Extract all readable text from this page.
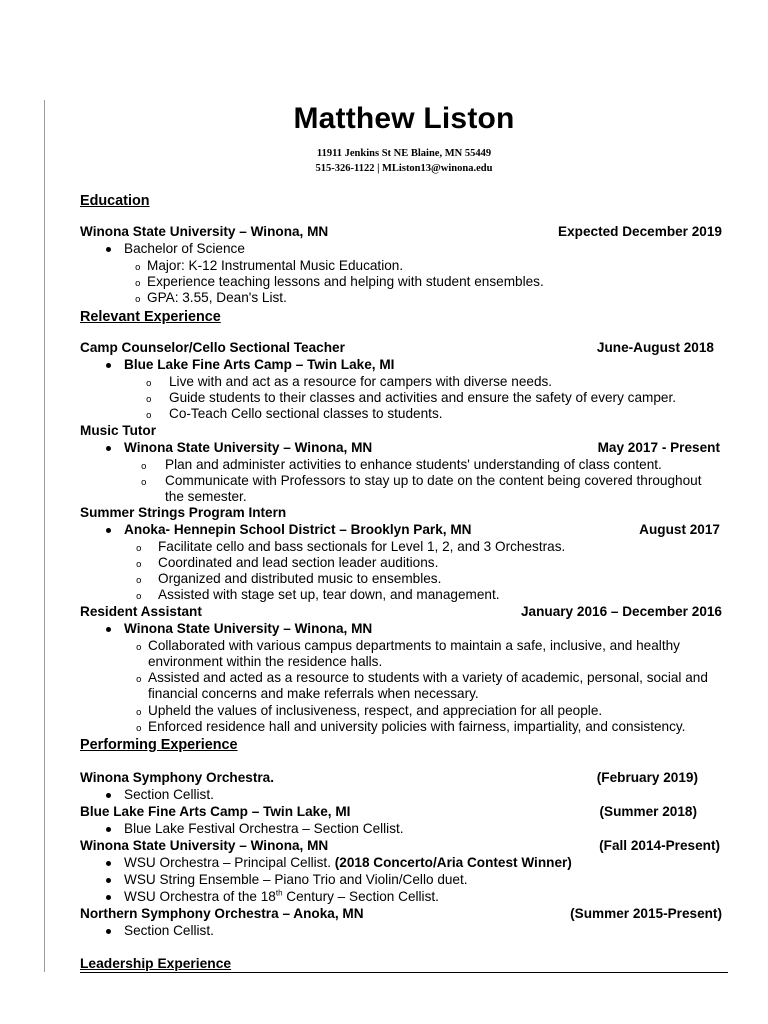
Matthew Liston
11911 Jenkins St NE Blaine, MN 55449
515-326-1122 | MListon13@winona.edu
Education
Winona State University – Winona, MN	Expected December 2019
Bachelor of Science
o Major: K-12 Instrumental Music Education.
o Experience teaching lessons and helping with student ensembles.
o GPA: 3.55, Dean's List.
Relevant Experience
Camp Counselor/Cello Sectional Teacher	June-August 2018
Blue Lake Fine Arts Camp – Twin Lake, MI
o Live with and act as a resource for campers with diverse needs.
o Guide students to their classes and activities and ensure the safety of every camper.
o Co-Teach Cello sectional classes to students.
Music Tutor
Winona State University – Winona, MN	May 2017 - Present
o Plan and administer activities to enhance students' understanding of class content.
o Communicate with Professors to stay up to date on the content being covered throughout
the semester.
Summer Strings Program Intern
Anoka- Hennepin School District – Brooklyn Park, MN	August 2017
o Facilitate cello and bass sectionals for Level 1, 2, and 3 Orchestras.
o Coordinated and lead section leader auditions.
o Organized and distributed music to ensembles.
o Assisted with stage set up, tear down, and management.
Resident Assistant	January 2016 – December 2016
Winona State University – Winona, MN
o Collaborated with various campus departments to maintain a safe, inclusive, and healthy
environment within the residence halls.
o Assisted and acted as a resource to students with a variety of academic, personal, social and
financial concerns and make referrals when necessary.
o Upheld the values of inclusiveness, respect, and appreciation for all people.
o Enforced residence hall and university policies with fairness, impartiality, and consistency.
Performing Experience
Winona Symphony Orchestra.	(February 2019)
Section Cellist.
Blue Lake Fine Arts Camp – Twin Lake, MI	(Summer 2018)
Blue Lake Festival Orchestra – Section Cellist.
Winona State University – Winona, MN	(Fall 2014-Present)
WSU Orchestra – Principal Cellist. (2018 Concerto/Aria Contest Winner)
WSU String Ensemble – Piano Trio and Violin/Cello duet.
WSU Orchestra of the 18th Century – Section Cellist.
Northern Symphony Orchestra – Anoka, MN	(Summer 2015-Present)
Section Cellist.
Leadership Experience
